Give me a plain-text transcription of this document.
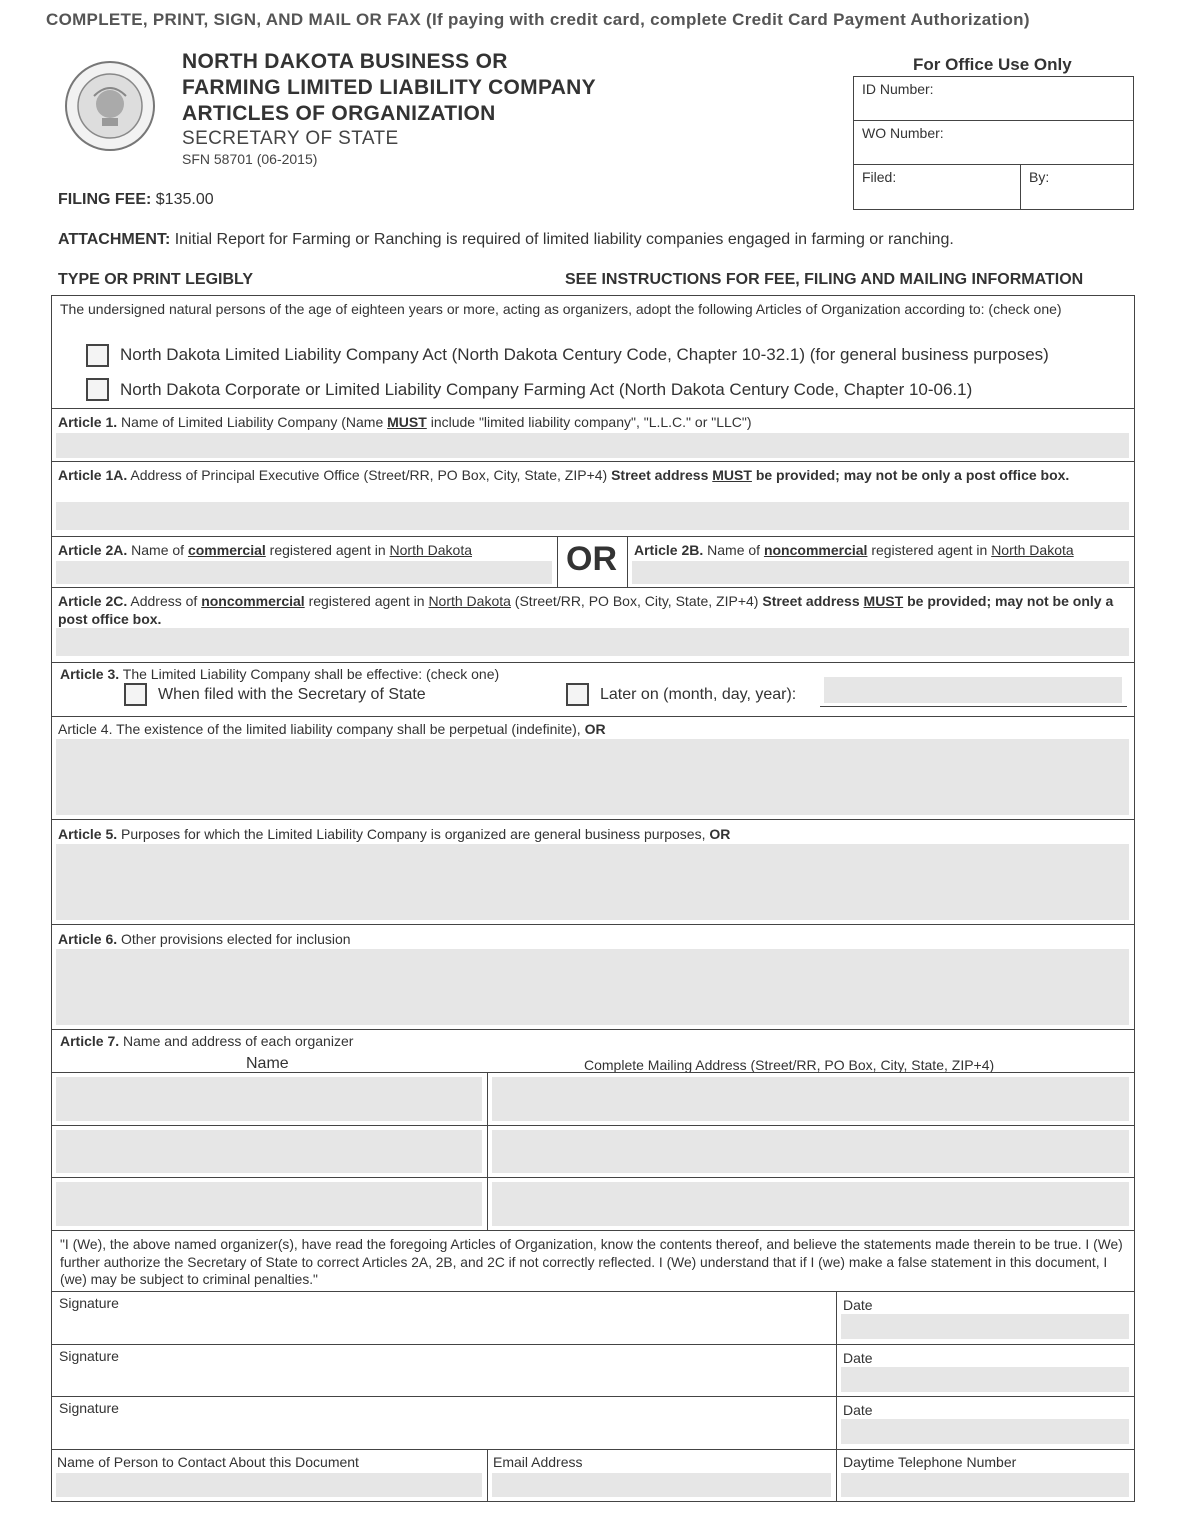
COMPLETE, PRINT, SIGN, AND MAIL OR FAX (If paying with credit card, complete Credit Card Payment Authorization)
NORTH DAKOTA BUSINESS OR
FARMING LIMITED LIABILITY COMPANY
ARTICLES OF ORGANIZATION
SECRETARY OF STATE
SFN 58701 (06-2015)
For Office Use Only
ID Number:
WO Number:
Filed:	By:
FILING FEE: $135.00
ATTACHMENT: Initial Report for Farming or Ranching is required of limited liability companies engaged in farming or ranching.
TYPE OR PRINT LEGIBLY	SEE INSTRUCTIONS FOR FEE, FILING AND MAILING INFORMATION
The undersigned natural persons of the age of eighteen years or more, acting as organizers, adopt the following Articles of Organization according to: (check one)
North Dakota Limited Liability Company Act (North Dakota Century Code, Chapter 10-32.1) (for general business purposes)
North Dakota Corporate or Limited Liability Company Farming Act (North Dakota Century Code, Chapter 10-06.1)
Article 1. Name of Limited Liability Company (Name MUST include "limited liability company", "L.L.C." or "LLC")
Article 1A. Address of Principal Executive Office (Street/RR, PO Box, City, State, ZIP+4) Street address MUST be provided; may not be only a post office box.
Article 2A. Name of commercial registered agent in North Dakota	OR Article 2B. Name of noncommercial registered agent in North Dakota
Article 2C. Address of noncommercial registered agent in North Dakota (Street/RR, PO Box, City, State, ZIP+4) Street address MUST be provided; may not be only a post office box.
Article 3. The Limited Liability Company shall be effective: (check one)
When filed with the Secretary of State	Later on (month, day, year):
Article 4. The existence of the limited liability company shall be perpetual (indefinite), OR
Article 5. Purposes for which the Limited Liability Company is organized are general business purposes, OR
Article 6. Other provisions elected for inclusion
Article 7. Name and address of each organizer
Name	Complete Mailing Address (Street/RR, PO Box, City, State, ZIP+4)
"I (We), the above named organizer(s), have read the foregoing Articles of Organization, know the contents thereof, and believe the statements made therein to be true. I (We) further authorize the Secretary of State to correct Articles 2A, 2B, and 2C if not correctly reflected. I (We) understand that if I (we) make a false statement in this document, I (we) may be subject to criminal penalties."
Signature	Date
Signature	Date
Signature	Date
Name of Person to Contact About this Document	Email Address	Daytime Telephone Number
